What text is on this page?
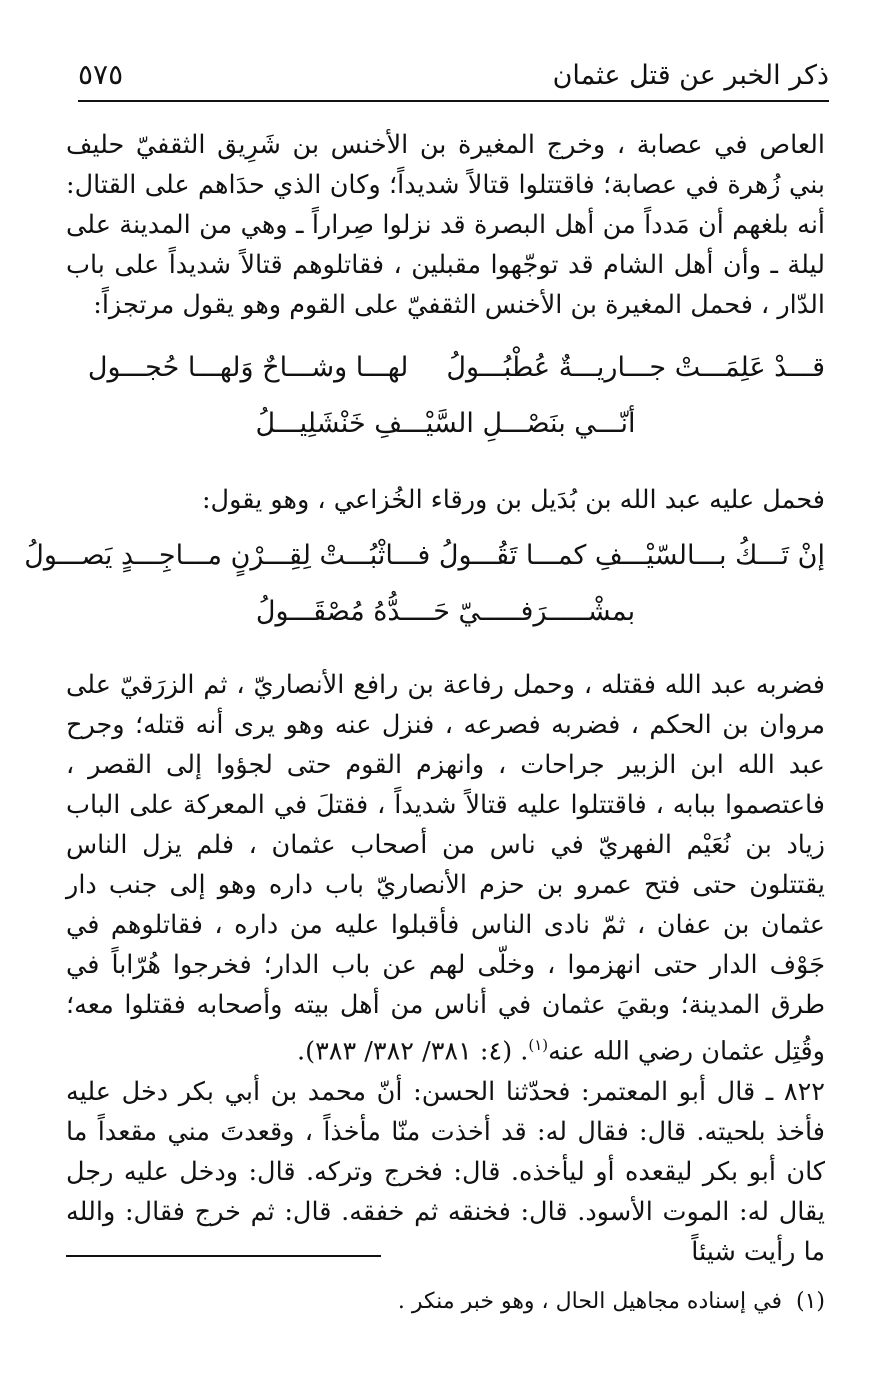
ذكر الخبر عن قتل عثمان
٥٧٥

العاص في عصابة ، وخرج المغيرة بن الأخنس بن شَرِيق الثقفيّ حليف بني زُهرة في عصابة؛ فاقتتلوا قتالاً شديداً؛ وكان الذي حدَاهم على القتال: أنه بلغهم أن مَدداً من أهل البصرة قد نزلوا صِراراً ـ وهي من المدينة على ليلة ـ وأن أهل الشام قد توجّهوا مقبلين ، فقاتلوهم قتالاً شديداً على باب الدّار ، فحمل المغيرة بن الأخنس الثقفيّ على القوم وهو يقول مرتجزاً:

قـــدْ عَلِمَـــتْ جـــاريـــةٌ عُطْبُـــولُ
لهـــا وشـــاحٌ وَلهـــا حُجـــول
أنّـــي بنَصْـــلِ السَّيْـــفِ خَنْشَلِيـــلُ

فحمل عليه عبد الله بن بُدَيل بن ورقاء الخُزاعي ، وهو يقول:

إنْ تَـــكُ بـــالسّيْـــفِ كمـــا تَقُـــولُ
فـــاثْبُـــتْ لِقِـــرْنٍ مـــاجِـــدٍ يَصـــولُ
بمشْـــــرَفـــــيّ حَــــدُّهُ مُصْقَـــولُ

فضربه عبد الله فقتله ، وحمل رفاعة بن رافع الأنصاريّ ، ثم الزرَقيّ على مروان بن الحكم ، فضربه فصرعه ، فنزل عنه وهو يرى أنه قتله؛ وجرح عبد الله ابن الزبير جراحات ، وانهزم القوم حتى لجؤوا إلى القصر ، فاعتصموا ببابه ، فاقتتلوا عليه قتالاً شديداً ، فقتلَ في المعركة على الباب زياد بن نُعَيْم الفهريّ في ناس من أصحاب عثمان ، فلم يزل الناس يقتتلون حتى فتح عمرو بن حزم الأنصاريّ باب داره وهو إلى جنب دار عثمان بن عفان ، ثمّ نادى الناس فأقبلوا عليه من داره ، فقاتلوهم في جَوْف الدار حتى انهزموا ، وخلّى لهم عن باب الدار؛ فخرجوا هُرّاباً في طرق المدينة؛ وبقيَ عثمان في أناس من أهل بيته وأصحابه فقتلوا معه؛ وقُتِل عثمان رضي الله عنه$^{(١)}$. (٤: ٣٨١/ ٣٨٢/ ٣٨٣).

٨٢٢ ـ قال أبو المعتمر: فحدّثنا الحسن: أنّ محمد بن أبي بكر دخل عليه فأخذ بلحيته. قال: فقال له: قد أخذت منّا مأخذاً ، وقعدتَ مني مقعداً ما كان أبو بكر ليقعده أو ليأخذه. قال: فخرج وتركه. قال: ودخل عليه رجل يقال له: الموت الأسود. قال: فخنقه ثم خفقه. قال: ثم خرج فقال: والله ما رأيت شيئاً

(١)  في إسناده مجاهيل الحال ، وهو خبر منكر .
